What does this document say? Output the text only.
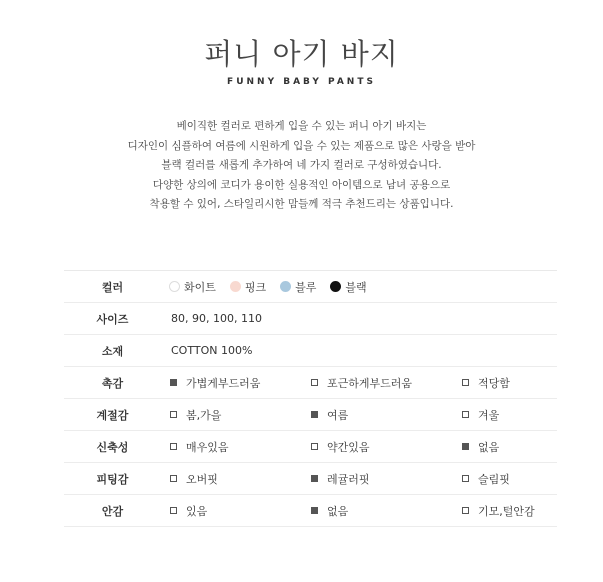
퍼니 아기 바지
FUNNY BABY PANTS
베이직한 컬러로 편하게 입을 수 있는 퍼니 아기 바지는
디자인이 심플하여 여름에 시원하게 입을 수 있는 제품으로 많은 사랑을 받아
블랙 컬러를 새롭게 추가하여 네 가지 컬러로 구성하였습니다.
다양한 상의에 코디가 용이한 실용적인 아이템으로 남녀 공용으로
착용할 수 있어, 스타일리시한 맘들께 적극 추천드리는 상품입니다.
컬러	화이트	핑크	블루	블랙
사이즈	80, 90, 100, 110
소재	COTTON 100%
촉감	가볍게부드러움	포근하게부드러움	적당함
계절감	봄,가을	여름	겨울
신축성	매우있음	약간있음	없음
피팅감	오버핏	레귤러핏	슬림핏
안감	있음	없음	기모,털안감
